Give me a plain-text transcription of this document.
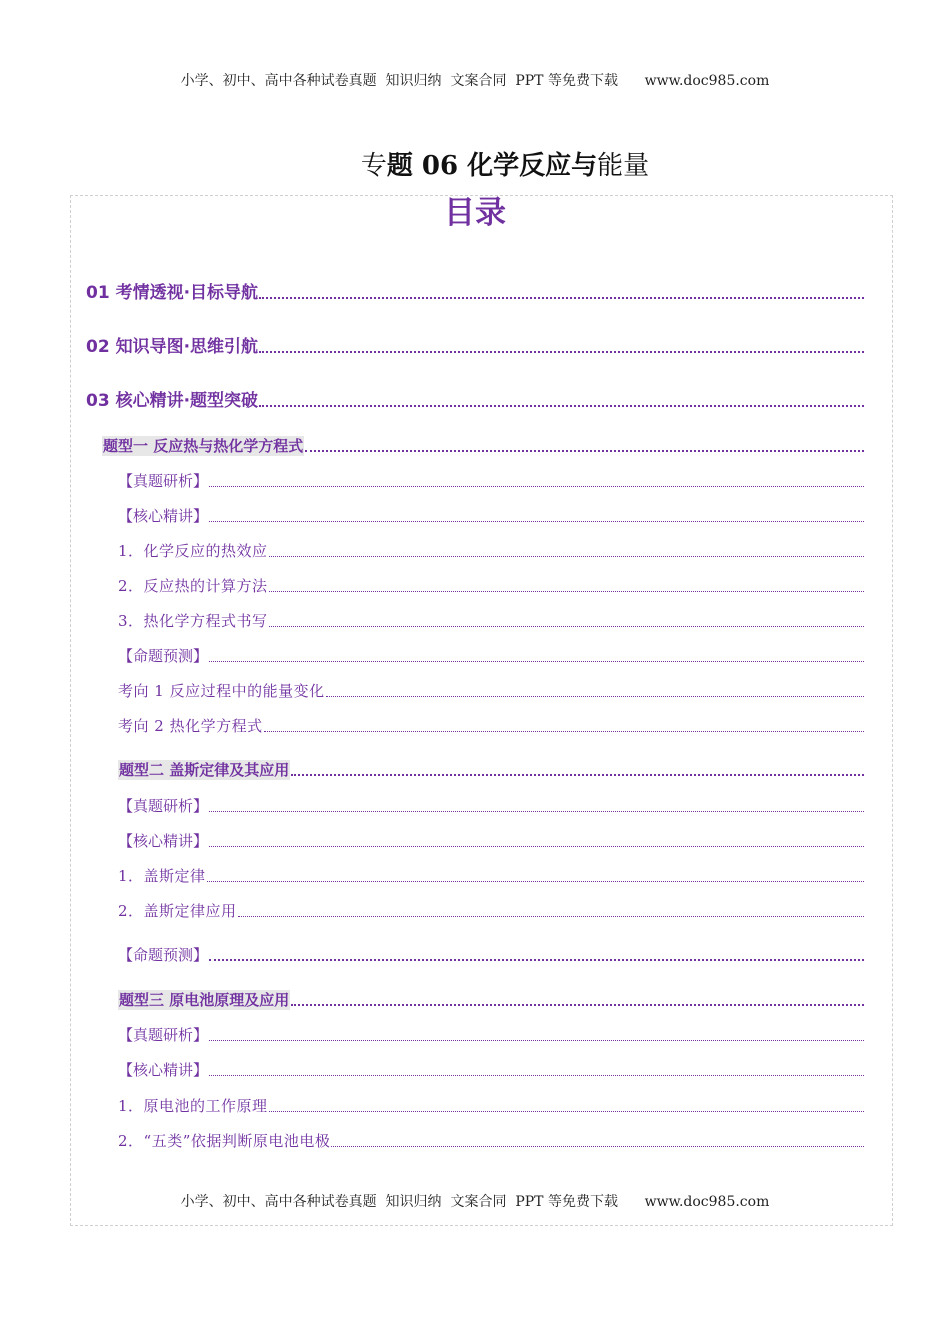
小学、初中、高中各种试卷真题  知识归纳  文案合同  PPT 等免费下载      www.doc985.com
专题 06 化学反应与能量
目录
01 考情透视·目标导航
02 知识导图·思维引航
03 核心精讲·题型突破
题型一 反应热与热化学方程式
【真题研析】
【核心精讲】
1．化学反应的热效应
2．反应热的计算方法
3．热化学方程式书写
【命题预测】
考向 1 反应过程中的能量变化
考向 2 热化学方程式
题型二 盖斯定律及其应用
【真题研析】
【核心精讲】
1．盖斯定律
2．盖斯定律应用
【命题预测】
题型三 原电池原理及应用
【真题研析】
【核心精讲】
1．原电池的工作原理
2．“五类”依据判断原电池电极
小学、初中、高中各种试卷真题  知识归纳  文案合同  PPT 等免费下载      www.doc985.com
